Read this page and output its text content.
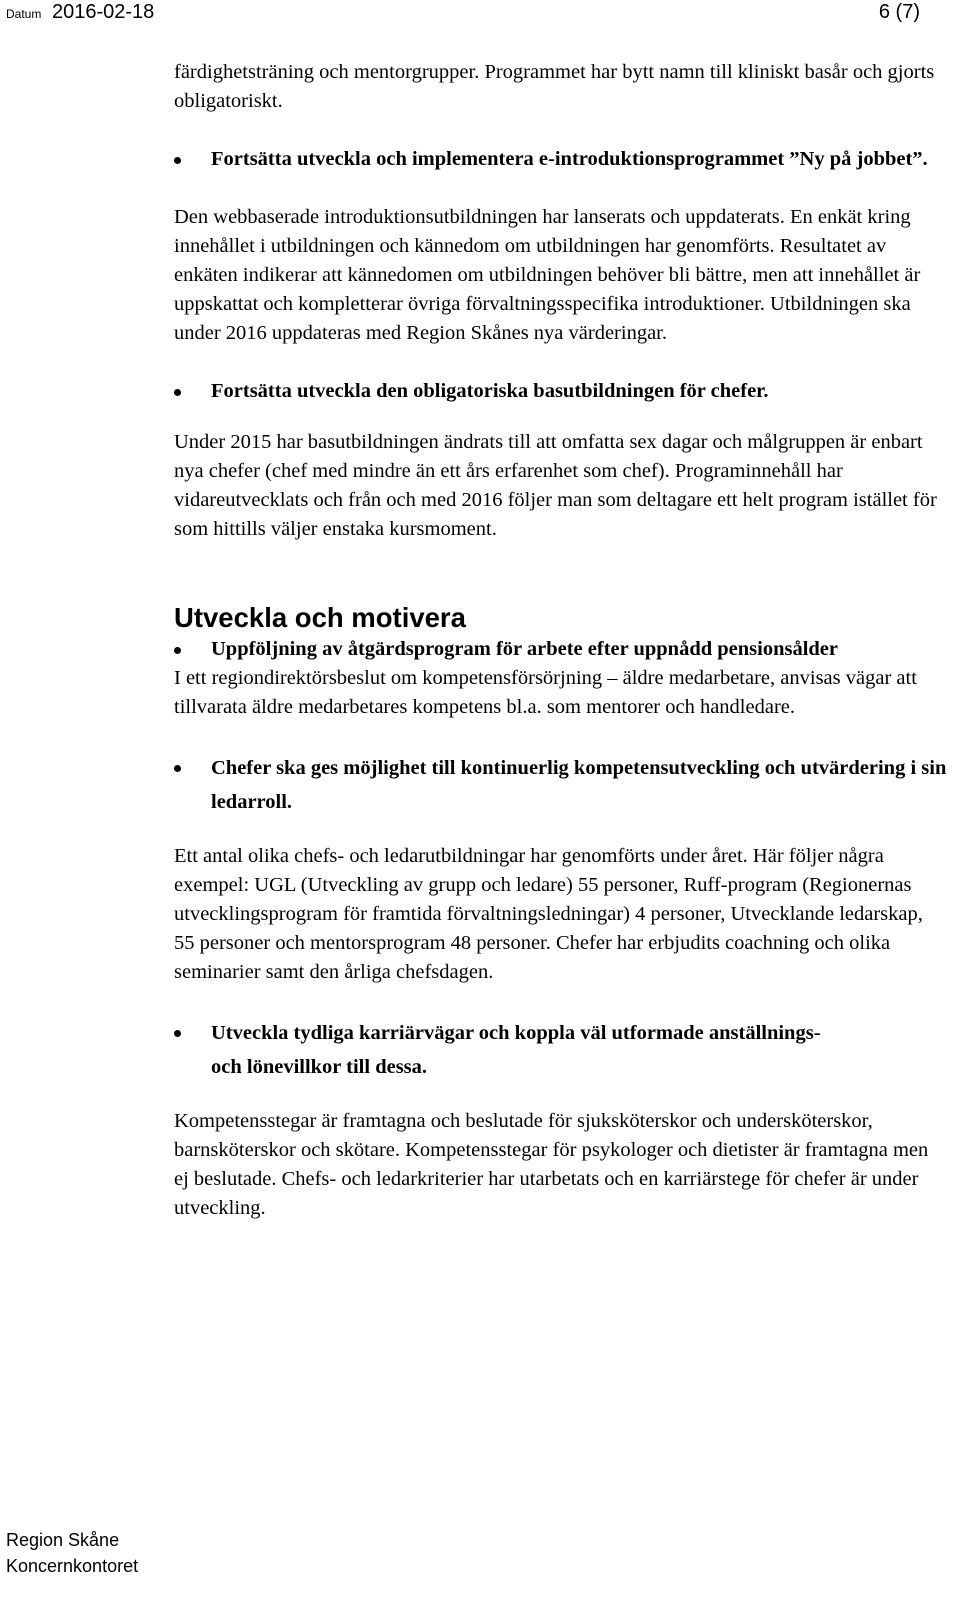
Datum 2016-02-18	6 (7)

färdighetsträning och mentorgrupper. Programmet har bytt namn till kliniskt basår och gjorts obligatoriskt.

Fortsätta utveckla och implementera e-introduktionsprogrammet ”Ny på jobbet”.

Den webbaserade introduktionsutbildningen har lanserats och uppdaterats. En enkät kring innehållet i utbildningen och kännedom om utbildningen har genomförts. Resultatet av enkäten indikerar att kännedomen om utbildningen behöver bli bättre, men att innehållet är uppskattat och kompletterar övriga förvaltningsspecifika introduktioner. Utbildningen ska under 2016 uppdateras med Region Skånes nya värderingar.

Fortsätta utveckla den obligatoriska basutbildningen för chefer.

Under 2015 har basutbildningen ändrats till att omfatta sex dagar och målgruppen är enbart nya chefer (chef med mindre än ett års erfarenhet som chef). Programinnehåll har vidareutvecklats och från och med 2016 följer man som deltagare ett helt program istället för som hittills väljer enstaka kursmoment.

Utveckla och motivera
Uppföljning av åtgärdsprogram för arbete efter uppnådd pensionsålder

I ett regiondirektörsbeslut om kompetensförsörjning – äldre medarbetare, anvisas vägar att tillvarata äldre medarbetares kompetens bl.a. som mentorer och handledare.

Chefer ska ges möjlighet till kontinuerlig kompetensutveckling och utvärdering i sin ledarroll.

Ett antal olika chefs- och ledarutbildningar har genomförts under året. Här följer några exempel: UGL (Utveckling av grupp och ledare) 55 personer, Ruff-program (Regionernas utvecklingsprogram för framtida förvaltningsledningar) 4 personer, Utvecklande ledarskap, 55 personer och mentorsprogram 48 personer. Chefer har erbjudits coachning och olika seminarier samt den årliga chefsdagen.

Utveckla tydliga karriärvägar och koppla väl utformade anställnings- och lönevillkor till dessa.

Kompetensstegar är framtagna och beslutade för sjuksköterskor och undersköterskor, barnsköterskor och skötare. Kompetensstegar för psykologer och dietister är framtagna men ej beslutade. Chefs- och ledarkriterier har utarbetats och en karriärstege för chefer är under utveckling.

Region Skåne
Koncernkontoret
